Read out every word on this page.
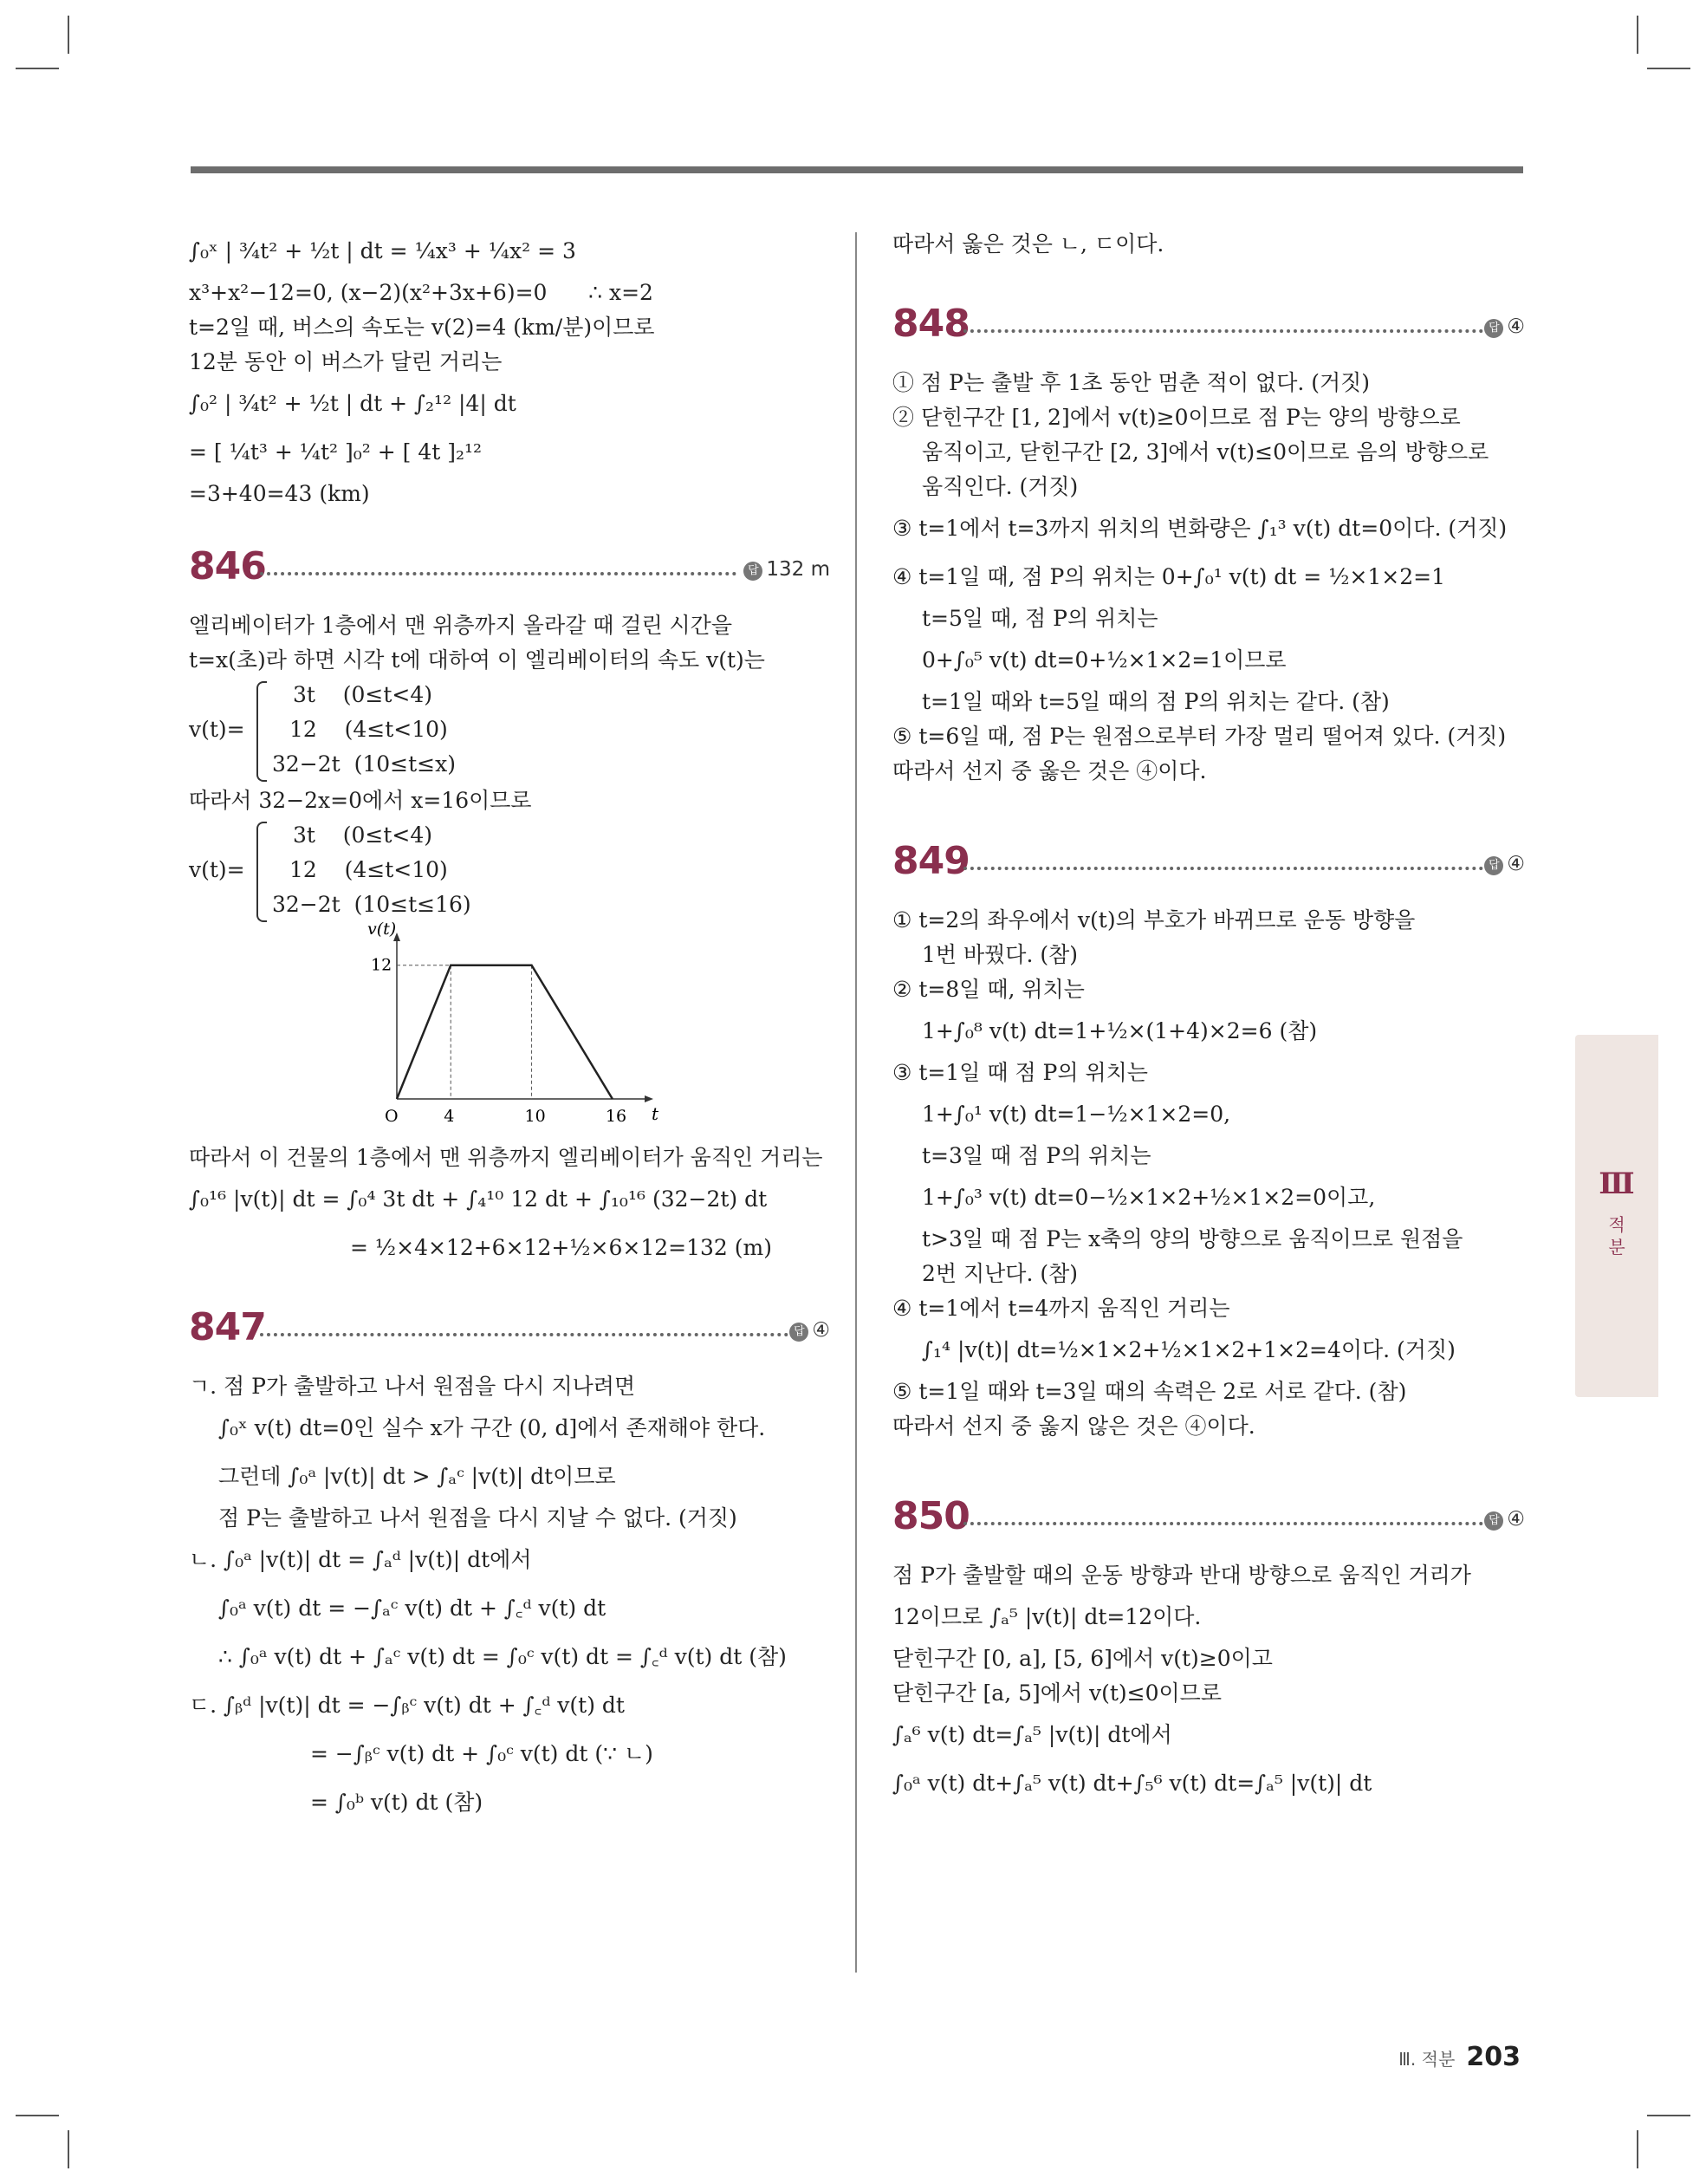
∫₀ˣ | ³⁄₄t² + ½t | dt = ¼x³ + ¼x² = 3

x³+x²−12=0, (x−2)(x²+3x+6)=0      ∴ x=2

t=2일 때, 버스의 속도는 v(2)=4 (km/분)이므로

12분 동안 이 버스가 달린 거리는

∫₀² | ³⁄₄t² + ½t | dt + ∫₂¹² |4| dt

= [ ¼t³ + ¼t² ]₀² + [ 4t ]₂¹²

=3+40=43 (km)

846	답 132 m

엘리베이터가 1층에서 맨 위층까지 올라갈 때 걸린 시간을

t=x(초)라 하면 시각 t에 대하여 이 엘리베이터의 속도 v(t)는

v(t)=

3t    (0≤t<4)

12    (4≤t<10)

32−2t  (10≤t≤x)

따라서 32−2x=0에서 x=16이므로

v(t)=

3t    (0≤t<4)

12    (4≤t<10)

32−2t  (10≤t≤16)

t
v(t)
O	4	10	16
12

따라서 이 건물의 1층에서 맨 위층까지 엘리베이터가 움직인 거리는

∫₀¹⁶ |v(t)| dt = ∫₀⁴ 3t dt + ∫₄¹⁰ 12 dt + ∫₁₀¹⁶ (32−2t) dt

= ½×4×12+6×12+½×6×12=132 (m)

847	답 ④

ㄱ. 점 P가 출발하고 나서 원점을 다시 지나려면

∫₀ˣ v(t) dt=0인 실수 x가 구간 (0, d]에서 존재해야 한다.

그런데 ∫₀ᵃ |v(t)| dt > ∫ₐᶜ |v(t)| dt이므로

점 P는 출발하고 나서 원점을 다시 지날 수 없다. (거짓)

ㄴ. ∫₀ᵃ |v(t)| dt = ∫ₐᵈ |v(t)| dt에서

∫₀ᵃ v(t) dt = −∫ₐᶜ v(t) dt + ∫꜀ᵈ v(t) dt

∴ ∫₀ᵃ v(t) dt + ∫ₐᶜ v(t) dt = ∫₀ᶜ v(t) dt = ∫꜀ᵈ v(t) dt (참)

ㄷ. ∫ᵦᵈ |v(t)| dt = −∫ᵦᶜ v(t) dt + ∫꜀ᵈ v(t) dt

= −∫ᵦᶜ v(t) dt + ∫₀ᶜ v(t) dt (∵ ㄴ)

= ∫₀ᵇ v(t) dt (참)

따라서 옳은 것은 ㄴ, ㄷ이다.

848	답 ④

① 점 P는 출발 후 1초 동안 멈춘 적이 없다. (거짓)

② 닫힌구간 [1, 2]에서 v(t)≥0이므로 점 P는 양의 방향으로

움직이고, 닫힌구간 [2, 3]에서 v(t)≤0이므로 음의 방향으로

움직인다. (거짓)

③ t=1에서 t=3까지 위치의 변화량은 ∫₁³ v(t) dt=0이다. (거짓)

④ t=1일 때, 점 P의 위치는 0+∫₀¹ v(t) dt = ½×1×2=1

t=5일 때, 점 P의 위치는

0+∫₀⁵ v(t) dt=0+½×1×2=1이므로

t=1일 때와 t=5일 때의 점 P의 위치는 같다. (참)

⑤ t=6일 때, 점 P는 원점으로부터 가장 멀리 떨어져 있다. (거짓)

따라서 선지 중 옳은 것은 ④이다.

849	답 ④

① t=2의 좌우에서 v(t)의 부호가 바뀌므로 운동 방향을

1번 바꿨다. (참)

② t=8일 때, 위치는

1+∫₀⁸ v(t) dt=1+½×(1+4)×2=6 (참)

③ t=1일 때 점 P의 위치는

1+∫₀¹ v(t) dt=1−½×1×2=0,

t=3일 때 점 P의 위치는

1+∫₀³ v(t) dt=0−½×1×2+½×1×2=0이고,

t>3일 때 점 P는 x축의 양의 방향으로 움직이므로 원점을

2번 지난다. (참)

④ t=1에서 t=4까지 움직인 거리는

∫₁⁴ |v(t)| dt=½×1×2+½×1×2+1×2=4이다. (거짓)

⑤ t=1일 때와 t=3일 때의 속력은 2로 서로 같다. (참)

따라서 선지 중 옳지 않은 것은 ④이다.

850	답 ④

점 P가 출발할 때의 운동 방향과 반대 방향으로 움직인 거리가

12이므로 ∫ₐ⁵ |v(t)| dt=12이다.

닫힌구간 [0, a], [5, 6]에서 v(t)≥0이고

닫힌구간 [a, 5]에서 v(t)≤0이므로

∫ₐ⁶ v(t) dt=∫ₐ⁵ |v(t)| dt에서

∫₀ᵃ v(t) dt+∫ₐ⁵ v(t) dt+∫₅⁶ v(t) dt=∫ₐ⁵ |v(t)| dt

Ⅲ
적
분
Ⅲ. 적분 203
